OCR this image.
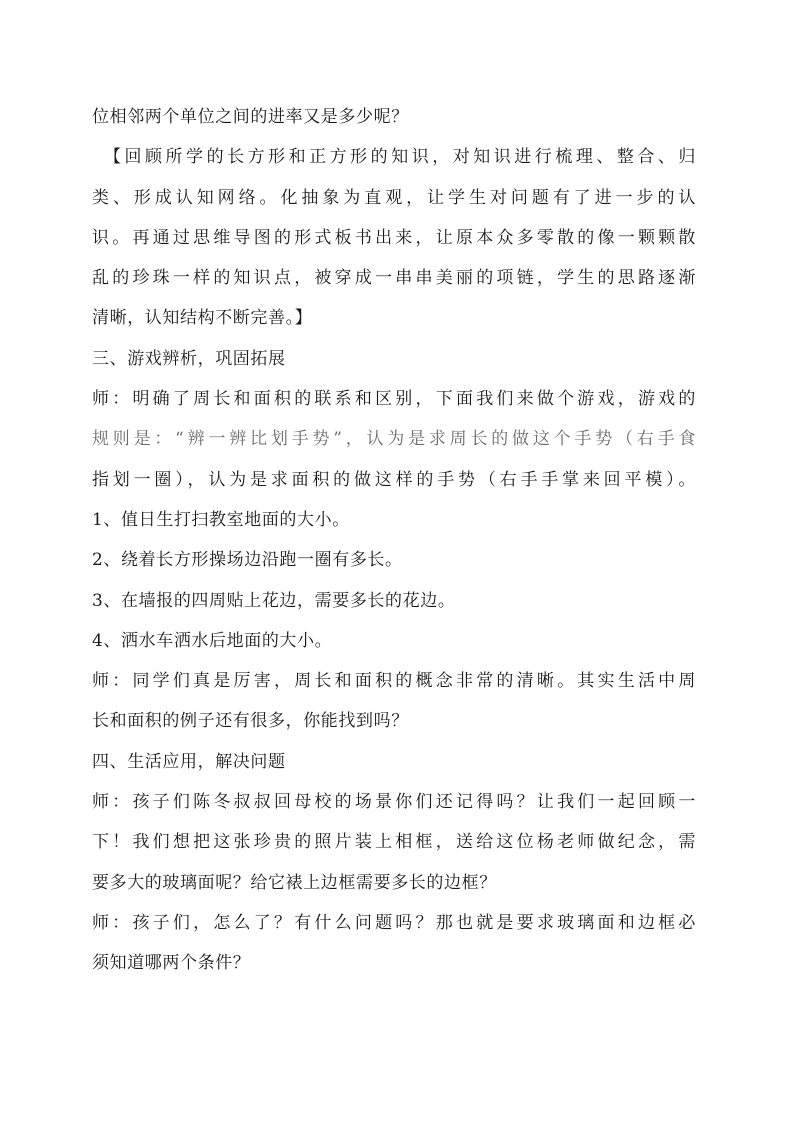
位相邻两个单位之间的进率又是多少呢？
【回顾所学的长方形和正方形的知识，对知识进行梳理、整合、归
类、形成认知网络。化抽象为直观，让学生对问题有了进一步的认
识。再通过思维导图的形式板书出来，让原本众多零散的像一颗颗散
乱的珍珠一样的知识点，被穿成一串串美丽的项链，学生的思路逐渐
清晰，认知结构不断完善。】
三、游戏辨析，巩固拓展
师：明确了周长和面积的联系和区别，下面我们来做个游戏，游戏的
规则是：“辨一辨比划手势”，认为是求周长的做这个手势（右手食
指划一圈），认为是求面积的做这样的手势（右手手掌来回平模）。
1、值日生打扫教室地面的大小。
2、绕着长方形操场边沿跑一圈有多长。
3、在墙报的四周贴上花边，需要多长的花边。
4、洒水车洒水后地面的大小。
师：同学们真是厉害，周长和面积的概念非常的清晰。其实生活中周
长和面积的例子还有很多，你能找到吗？
四、生活应用，解决问题
师：孩子们陈冬叔叔回母校的场景你们还记得吗？让我们一起回顾一
下！我们想把这张珍贵的照片装上相框，送给这位杨老师做纪念，需
要多大的玻璃面呢？给它裱上边框需要多长的边框？
师：孩子们，怎么了？有什么问题吗？那也就是要求玻璃面和边框必
须知道哪两个条件？
